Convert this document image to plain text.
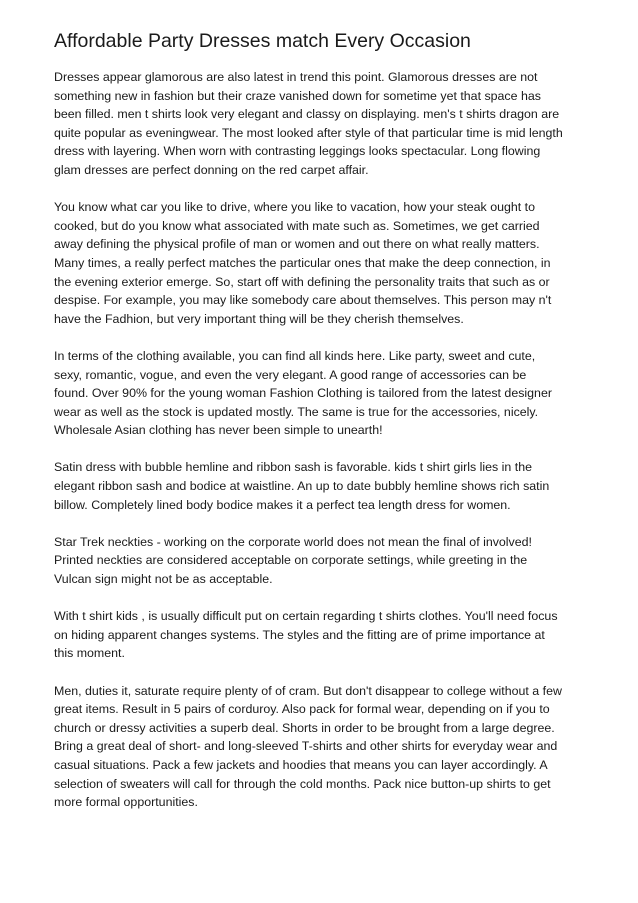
Affordable Party Dresses match Every Occasion

Dresses appear glamorous are also latest in trend this point. Glamorous dresses are not
something new in fashion but their craze vanished down for sometime yet that space has
been filled. men t shirts look very elegant and classy on displaying. men's t shirts dragon are
quite popular as eveningwear. The most looked after style of that particular time is mid length
dress with layering. When worn with contrasting leggings looks spectacular. Long flowing
glam dresses are perfect donning on the red carpet affair.

You know what car you like to drive, where you like to vacation, how your steak ought to
cooked, but do you know what associated with mate such as. Sometimes, we get carried
away defining the physical profile of man or women and out there on what really matters.
Many times, a really perfect matches the particular ones that make the deep connection, in
the evening exterior emerge. So, start off with defining the personality traits that such as or
despise. For example, you may like somebody care about themselves. This person may n't
have the Fadhion, but very important thing will be they cherish themselves.

In terms of the clothing available, you can find all kinds here. Like party, sweet and cute,
sexy, romantic, vogue, and even the very elegant. A good range of accessories can be
found. Over 90% for the young woman Fashion Clothing is tailored from the latest designer
wear as well as the stock is updated mostly. The same is true for the accessories, nicely.
Wholesale Asian clothing has never been simple to unearth!

Satin dress with bubble hemline and ribbon sash is favorable. kids t shirt girls lies in the
elegant ribbon sash and bodice at waistline. An up to date bubbly hemline shows rich satin
billow. Completely lined body bodice makes it a perfect tea length dress for women.

Star Trek neckties - working on the corporate world does not mean the final of involved!
Printed neckties are considered acceptable on corporate settings, while greeting in the
Vulcan sign might not be as acceptable.

With t shirt kids , is usually difficult put on certain regarding t shirts clothes. You'll need focus
on hiding apparent changes systems. The styles and the fitting are of prime importance at
this moment.

Men, duties it, saturate require plenty of of cram. But don't disappear to college without a few
great items. Result in 5 pairs of corduroy. Also pack for formal wear, depending on if you to
church or dressy activities a superb deal. Shorts in order to be brought from a large degree.
Bring a great deal of short- and long-sleeved T-shirts and other shirts for everyday wear and
casual situations. Pack a few jackets and hoodies that means you can layer accordingly. A
selection of sweaters will call for through the cold months. Pack nice button-up shirts to get
more formal opportunities.
